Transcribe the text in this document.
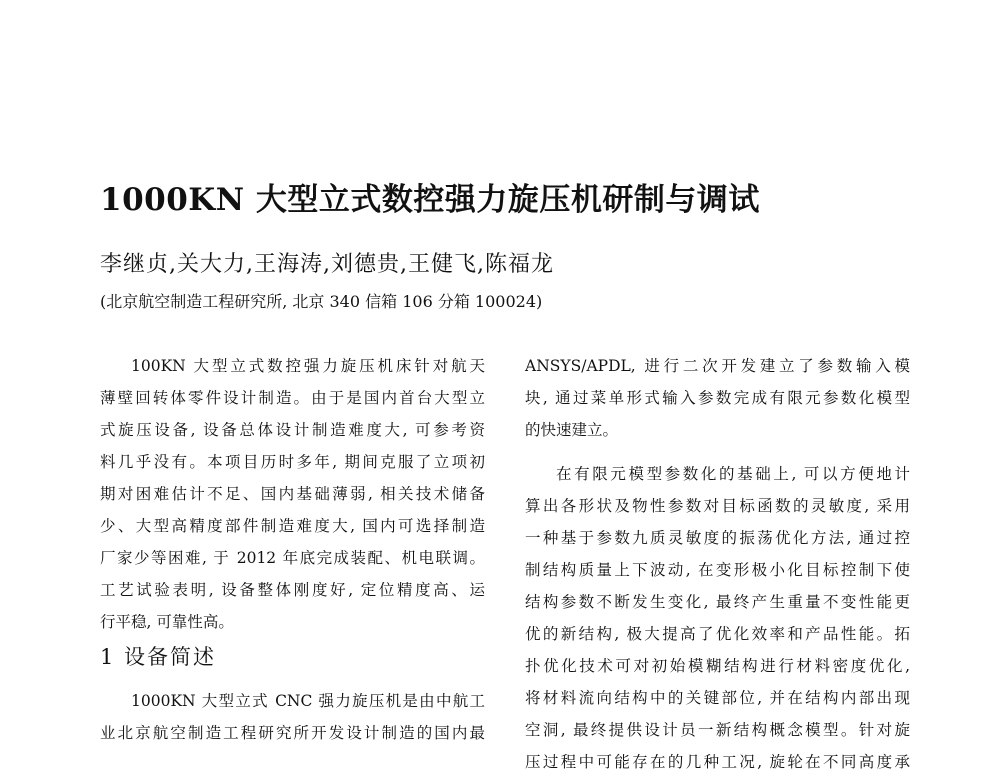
1000KN 大型立式数控强力旋压机研制与调试
李继贞,关大力,王海涛,刘德贵,王健飞,陈福龙
(北京航空制造工程研究所, 北京 340 信箱 106 分箱 100024)
100KN 大型立式数控强力旋压机床针对航天
薄壁回转体零件设计制造。由于是国内首台大型立
式旋压设备, 设备总体设计制造难度大, 可参考资
料几乎没有。本项目历时多年, 期间克服了立项初
期对困难估计不足、国内基础薄弱, 相关技术储备
少、大型高精度部件制造难度大, 国内可选择制造
厂家少等困难, 于 2012 年底完成装配、机电联调。
工艺试验表明, 设备整体刚度好, 定位精度高、运
行平稳, 可靠性高。
1 设备简述
1000KN 大型立式 CNC 强力旋压机是由中航工
业北京航空制造工程研究所开发设计制造的国内最
ANSYS/APDL, 进行二次开发建立了参数输入模
块, 通过菜单形式输入参数完成有限元参数化模型
的快速建立。
在有限元模型参数化的基础上, 可以方便地计
算出各形状及物性参数对目标函数的灵敏度, 采用
一种基于参数九质灵敏度的振荡优化方法, 通过控
制结构质量上下波动, 在变形极小化目标控制下使
结构参数不断发生变化, 最终产生重量不变性能更
优的新结构, 极大提高了优化效率和产品性能。拓
扑优化技术可对初始模糊结构进行材料密度优化,
将材料流向结构中的关键部位, 并在结构内部出现
空洞, 最终提供设计员一新结构概念模型。针对旋
压过程中可能存在的几种工况, 旋轮在不同高度承
